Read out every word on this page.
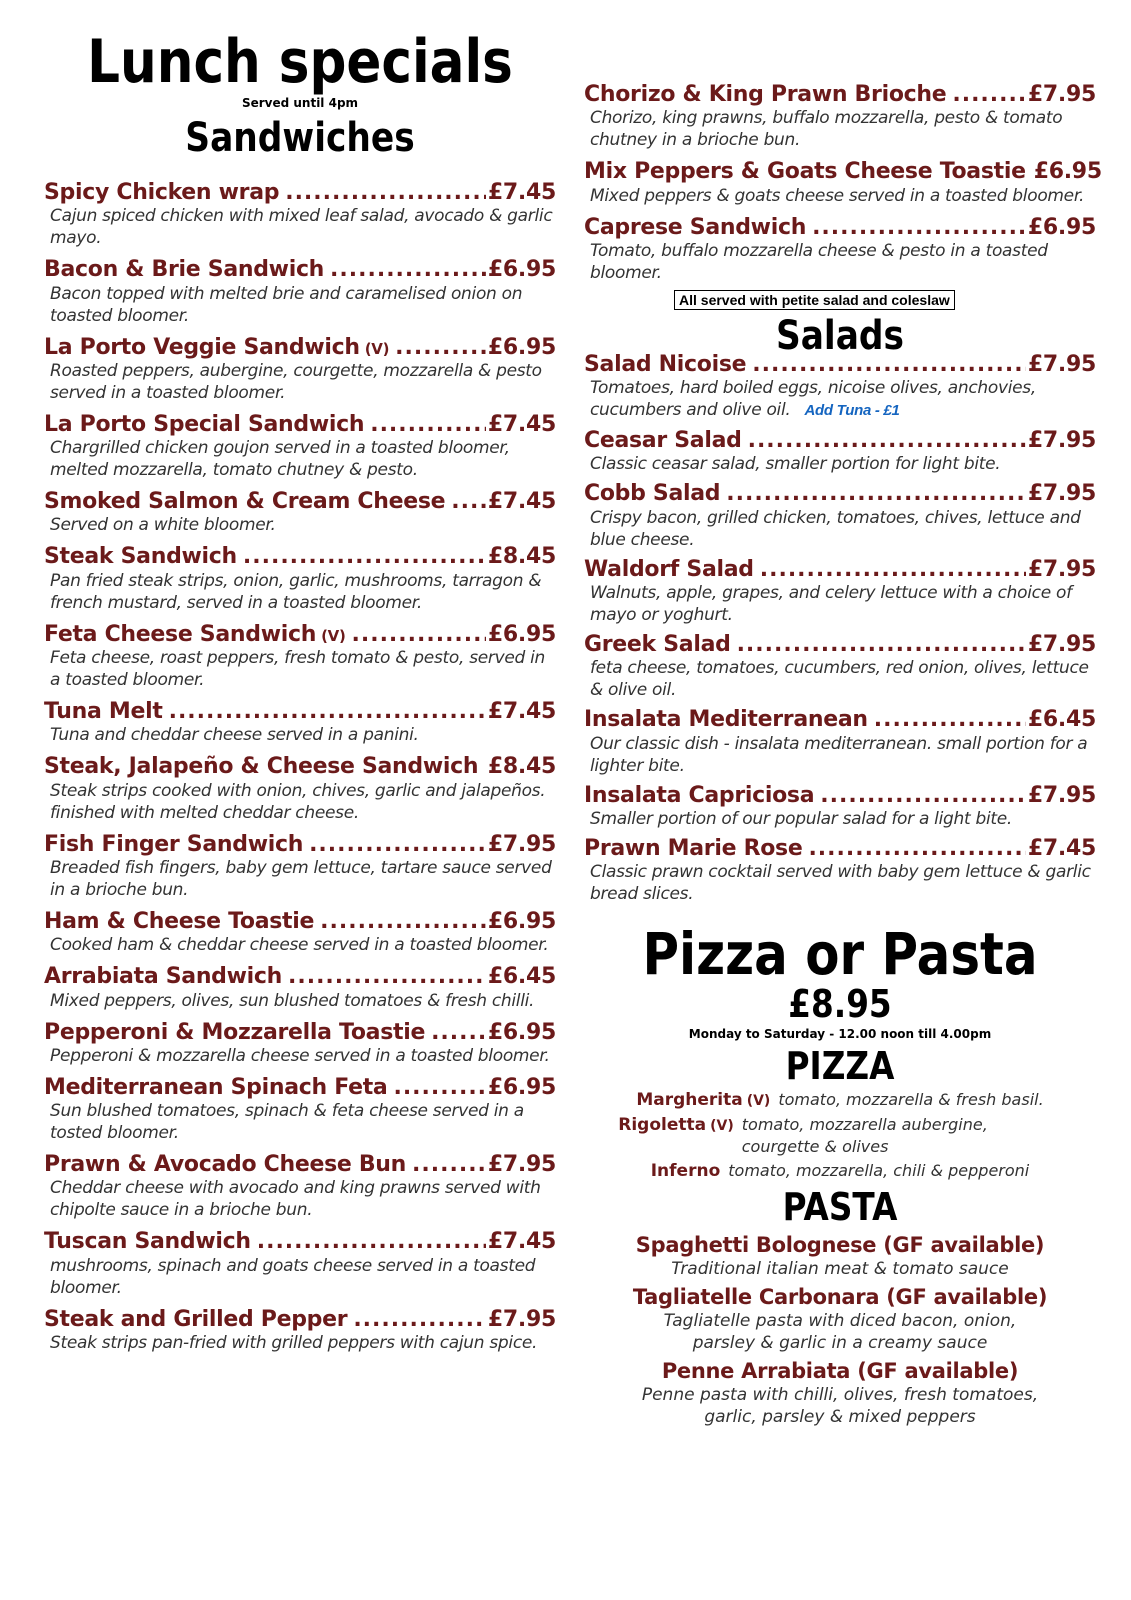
Lunch specials
Served until 4pm
Sandwiches
Spicy Chicken wrap .....	£7.45
Cajun spiced chicken with mixed leaf salad, avocado & garlic mayo.
Bacon & Brie Sandwich .....	£6.95
Bacon topped with melted brie and caramelised onion on toasted bloomer.
La Porto Veggie Sandwich (V) .....	£6.95
Roasted peppers, aubergine, courgette, mozzarella & pesto served in a toasted bloomer.
La Porto Special Sandwich .....	£7.45
Chargrilled chicken goujon served in a toasted bloomer, melted mozzarella, tomato chutney & pesto.
Smoked Salmon & Cream Cheese ..... £7.45
Served on a white bloomer.
Steak Sandwich .....	£8.45
Pan fried steak strips, onion, garlic, mushrooms, tarragon & french mustard, served in a toasted bloomer.
Feta Cheese Sandwich (V) .....	£6.95
Feta cheese, roast peppers, fresh tomato & pesto, served in a toasted bloomer.
Tuna Melt .....	£7.45
Tuna and cheddar cheese served in a panini.
Steak, Jalapeño & Cheese Sandwich ..... £8.45
Steak strips cooked with onion, chives, garlic and jalapeños. finished with melted cheddar cheese.
Fish Finger Sandwich .....	£7.95
Breaded fish fingers, baby gem lettuce, tartare sauce served in a brioche bun.
Ham & Cheese Toastie .....	£6.95
Cooked ham & cheddar cheese served in a toasted bloomer.
Arrabiata Sandwich .....	£6.45
Mixed peppers, olives, sun blushed tomatoes & fresh chilli.
Pepperoni & Mozzarella Toastie .....	£6.95
Pepperoni & mozzarella cheese served in a toasted bloomer.
Mediterranean Spinach Feta .....	£6.95
Sun blushed tomatoes, spinach & feta cheese served in a tosted bloomer.
Prawn & Avocado Cheese Bun .....	£7.95
Cheddar cheese with avocado and king prawns served with chipolte sauce in a brioche bun.
Tuscan Sandwich .....	£7.45
mushrooms, spinach and goats cheese served in a toasted bloomer.
Steak and Grilled Pepper .....	£7.95
Steak strips pan-fried with grilled peppers with cajun spice.
Chorizo & King Prawn Brioche .....	£7.95
Chorizo, king prawns, buffalo mozzarella, pesto & tomato chutney in a brioche bun.
Mix Peppers & Goats Cheese Toastie £6.95
Mixed peppers & goats cheese served in a toasted bloomer.
Caprese Sandwich .....	£6.95
Tomato, buffalo mozzarella cheese & pesto in a toasted bloomer.
All served with petite salad and coleslaw
Salads
Salad Nicoise .....	£7.95
Tomatoes, hard boiled eggs, nicoise olives, anchovies, cucumbers and olive oil. Add Tuna - £1
Ceasar Salad .....	£7.95
Classic ceasar salad, smaller portion for light bite.
Cobb Salad .....	£7.95
Crispy bacon, grilled chicken, tomatoes, chives, lettuce and blue cheese.
Waldorf Salad .....	£7.95
Walnuts, apple, grapes, and celery lettuce with a choice of mayo or yoghurt.
Greek Salad .....	£7.95
feta cheese, tomatoes, cucumbers, red onion, olives, lettuce & olive oil.
Insalata Mediterranean .....	£6.45
Our classic dish - insalata mediterranean. small portion for a lighter bite.
Insalata Capriciosa .....	£7.95
Smaller portion of our popular salad for a light bite.
Prawn Marie Rose .....	£7.45
Classic prawn cocktail served with baby gem lettuce & garlic bread slices.
Pizza or Pasta
£8.95
Monday to Saturday - 12.00 noon till 4.00pm
PIZZA
Margherita (V) tomato, mozzarella & fresh basil.
Rigoletta (V) tomato, mozzarella aubergine, courgette & olives
Inferno tomato, mozzarella, chili & pepperoni
PASTA
Spaghetti Bolognese (GF available)
Traditional italian meat & tomato sauce
Tagliatelle Carbonara (GF available)
Tagliatelle pasta with diced bacon, onion, parsley & garlic in a creamy sauce
Penne Arrabiata (GF available)
Penne pasta with chilli, olives, fresh tomatoes, garlic, parsley & mixed peppers
